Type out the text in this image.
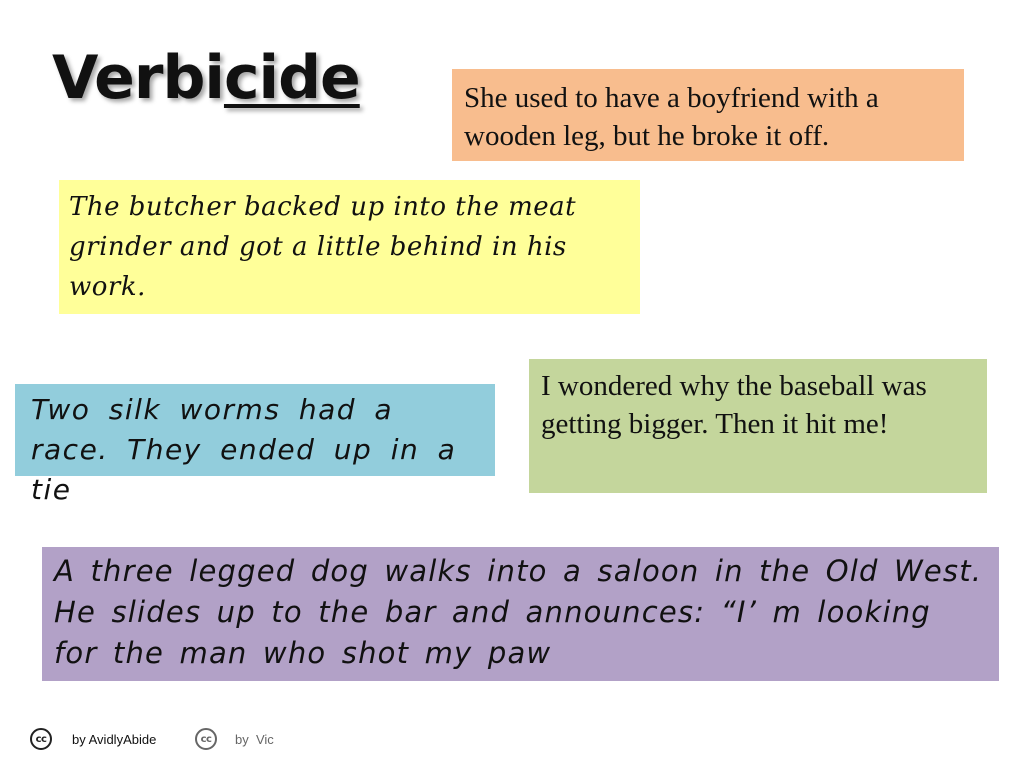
Verbicide	She used to have a boyfriend with a wooden leg, but he broke it off.
The butcher backed up into the meat grinder and got a little behind in his work.
I wondered why the baseball was getting bigger. Then it hit me!
Two silk worms had a race. They ended up in a tie
A three legged dog walks into a saloon in the Old West. He slides up to the bar and announces: “I’ m looking for the man who shot my paw
cc	by AvidlyAbide	cc	by  Vic
